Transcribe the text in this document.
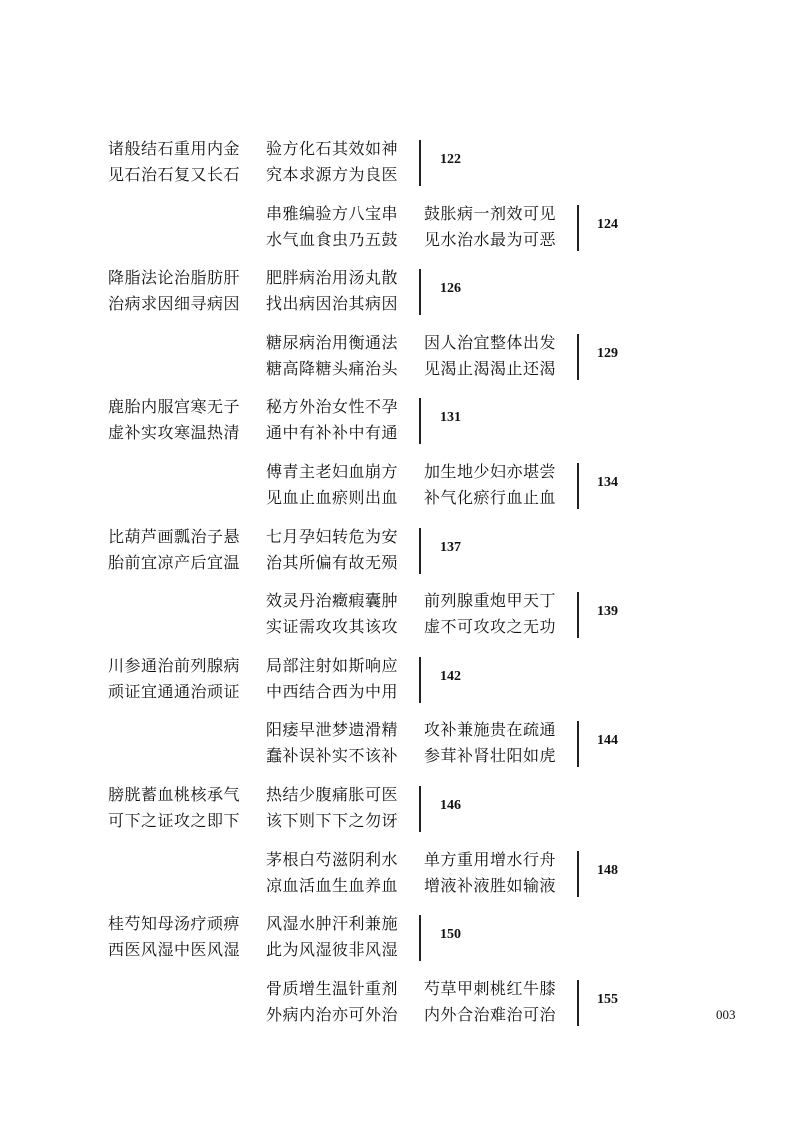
诸般结石重用内金
见石治石复又长石
验方化石其效如神
究本求源方为良医
122
串雅编验方八宝串
水气血食虫乃五鼓
鼓胀病一剂效可见
见水治水最为可恶
124
降脂法论治脂肪肝
治病求因细寻病因
肥胖病治用汤丸散
找出病因治其病因
126
糖尿病治用衡通法
糖高降糖头痛治头
因人治宜整体出发
见渴止渴渴止还渴
129
鹿胎内服宫寒无子
虚补实攻寒温热清
秘方外治女性不孕
通中有补补中有通
131
傅青主老妇血崩方
见血止血瘀则出血
加生地少妇亦堪尝
补气化瘀行血止血
134
比葫芦画瓢治子悬
胎前宜凉产后宜温
七月孕妇转危为安
治其所偏有故无殒
137
效灵丹治癥瘕囊肿
实证需攻攻其该攻
前列腺重炮甲天丁
虚不可攻攻之无功
139
川参通治前列腺病
顽证宜通通治顽证
局部注射如斯响应
中西结合西为中用
142
阳痿早泄梦遗滑精
蠢补误补实不该补
攻补兼施贵在疏通
参茸补肾壮阳如虎
144
膀胱蓄血桃核承气
可下之证攻之即下
热结少腹痛胀可医
该下则下下之勿讶
146
茅根白芍滋阴利水
凉血活血生血养血
单方重用增水行舟
增液补液胜如输液
148
桂芍知母汤疗顽痹
西医风湿中医风湿
风湿水肿汗利兼施
此为风湿彼非风湿
150
骨质增生温针重剂
外病内治亦可外治
芍草甲刺桃红牛膝
内外合治难治可治
155
003
